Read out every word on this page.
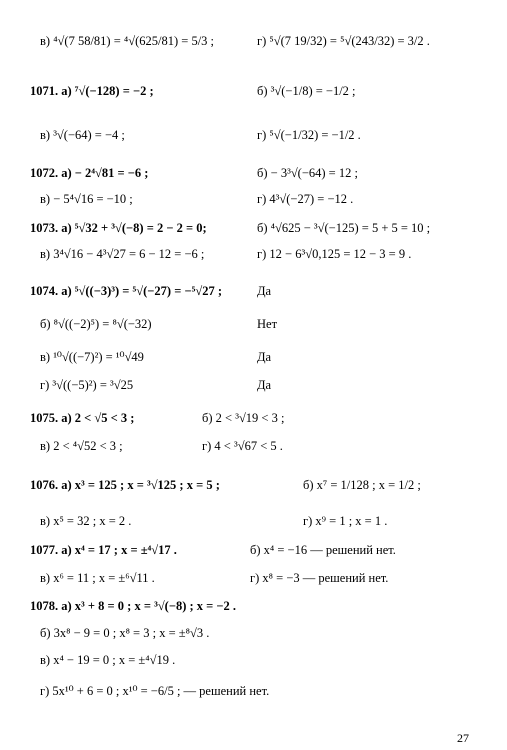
в) ⁴√(7 58/81) = ⁴√(625/81) = 5/3 ;	г) ⁵√(7 19/32) = ⁵√(243/32) = 3/2 .
1071. а) ⁷√(−128) = −2 ;	б) ³√(−1/8) = −1/2 ;
в) ³√(−64) = −4 ;	г) ⁵√(−1/32) = −1/2 .
1072. а) − 2⁴√81 = −6 ;	б) − 3³√(−64) = 12 ;
в) − 5⁴√16 = −10 ;	г) 4³√(−27) = −12 .
1073. а) ⁵√32 + ³√(−8) = 2 − 2 = 0;	б) ⁴√625 − ³√(−125) = 5 + 5 = 10 ;
в) 3⁴√16 − 4³√27 = 6 − 12 = −6 ;	г) 12 − 6³√0,125 = 12 − 3 = 9 .
1074. а) ⁵√((−3)³) = ⁵√(−27) = −⁵√27 ;	Да
б) ⁸√((−2)⁵) = ⁸√(−32)	Нет
в) ¹⁰√((−7)²) = ¹⁰√49	Да
г) ³√((−5)²) = ³√25	Да
1075. а) 2 < √5 < 3 ;	б) 2 < ³√19 < 3 ;
в) 2 < ⁴√52 < 3 ;	г) 4 < ³√67 < 5 .
1076. а) x³ = 125 ; x = ³√125 ; x = 5 ;	б) x⁷ = 1/128 ; x = 1/2 ;
в) x⁵ = 32 ; x = 2 .	г) x⁹ = 1 ; x = 1 .
1077. а) x⁴ = 17 ; x = ±⁴√17 .	б) x⁴ = −16 — решений нет.
в) x⁶ = 11 ; x = ±⁶√11 .	г) x⁸ = −3 — решений нет.
1078. а) x³ + 8 = 0 ; x = ³√(−8) ; x = −2 .
б) 3x⁸ − 9 = 0 ; x⁸ = 3 ; x = ±⁸√3 .
в) x⁴ − 19 = 0 ; x = ±⁴√19 .
г) 5x¹⁰ + 6 = 0 ; x¹⁰ = −6/5 ; — решений нет.
27
